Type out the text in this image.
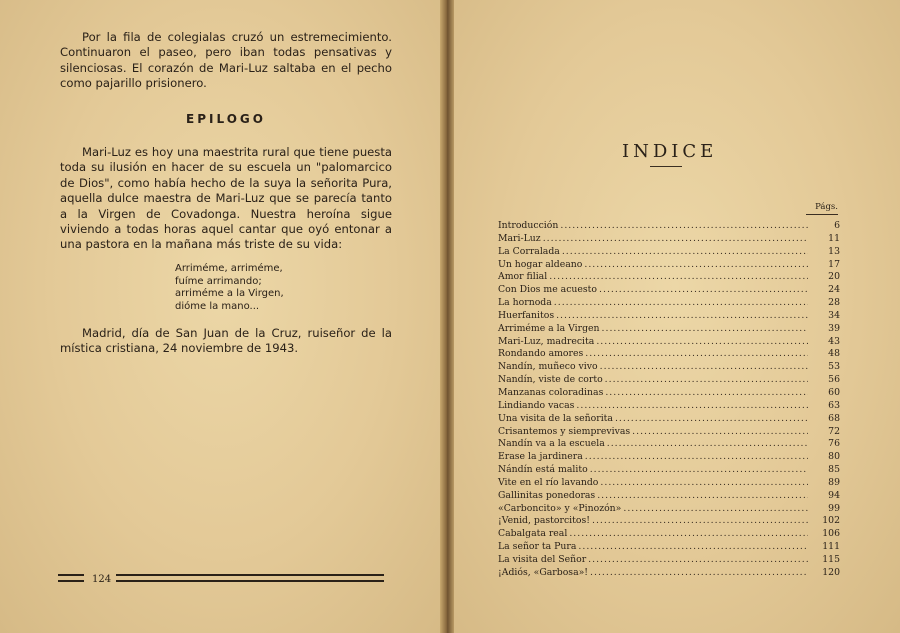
Por la fila de colegialas cruzó un estremecimiento. Continuaron el paseo, pero iban todas pensativas y silenciosas. El corazón de Mari-Luz saltaba en el pecho como pajarillo prisionero.

EPILOGO

Mari-Luz es hoy una maestrita rural que tiene puesta toda su ilusión en hacer de su escuela un "palomarcico de Dios", como había hecho de la suya la señorita Pura, aquella dulce maestra de Mari-Luz que se parecía tanto a la Virgen de Covadonga. Nuestra heroína sigue viviendo a todas horas aquel cantar que oyó entonar a una pastora en la mañana más triste de su vida:

Arriméme, arriméme,
fuíme arrimando;
arriméme a la Virgen,
dióme la mano...

Madrid, día de San Juan de la Cruz, ruiseñor de la mística cristiana, 24 noviembre de 1943.

124
INDICE
Págs.
Introducción .....	6
Mari-Luz .....	11
La Corralada .....	13
Un hogar aldeano .....	17
Amor filial .....	20
Con Dios me acuesto .....	24
La hornoda .....	28
Huerfanitos .....	34
Arriméme a la Virgen .....	39
Mari-Luz, madrecita .....	43
Rondando amores .....	48
Nandín, muñeco vivo .....	53
Nandín, viste de corto .....	56
Manzanas coloradinas .....	60
Lindiando vacas .....	63
Una visita de la señorita .....	68
Crisantemos y siemprevivas .....	72
Nandín va a la escuela .....	76
Erase la jardinera .....	80
Nándín está malito .....	85
Vite en el río lavando .....	89
Gallinitas ponedoras .....	94
«Carboncito» y «Pinozón» .....	99
¡Venid, pastorcitos! .....	102
Cabalgata real .....	106
La señor ta Pura .....	111
La visita del Señor .....	115
¡Adiós, «Garbosa»! .....	120
